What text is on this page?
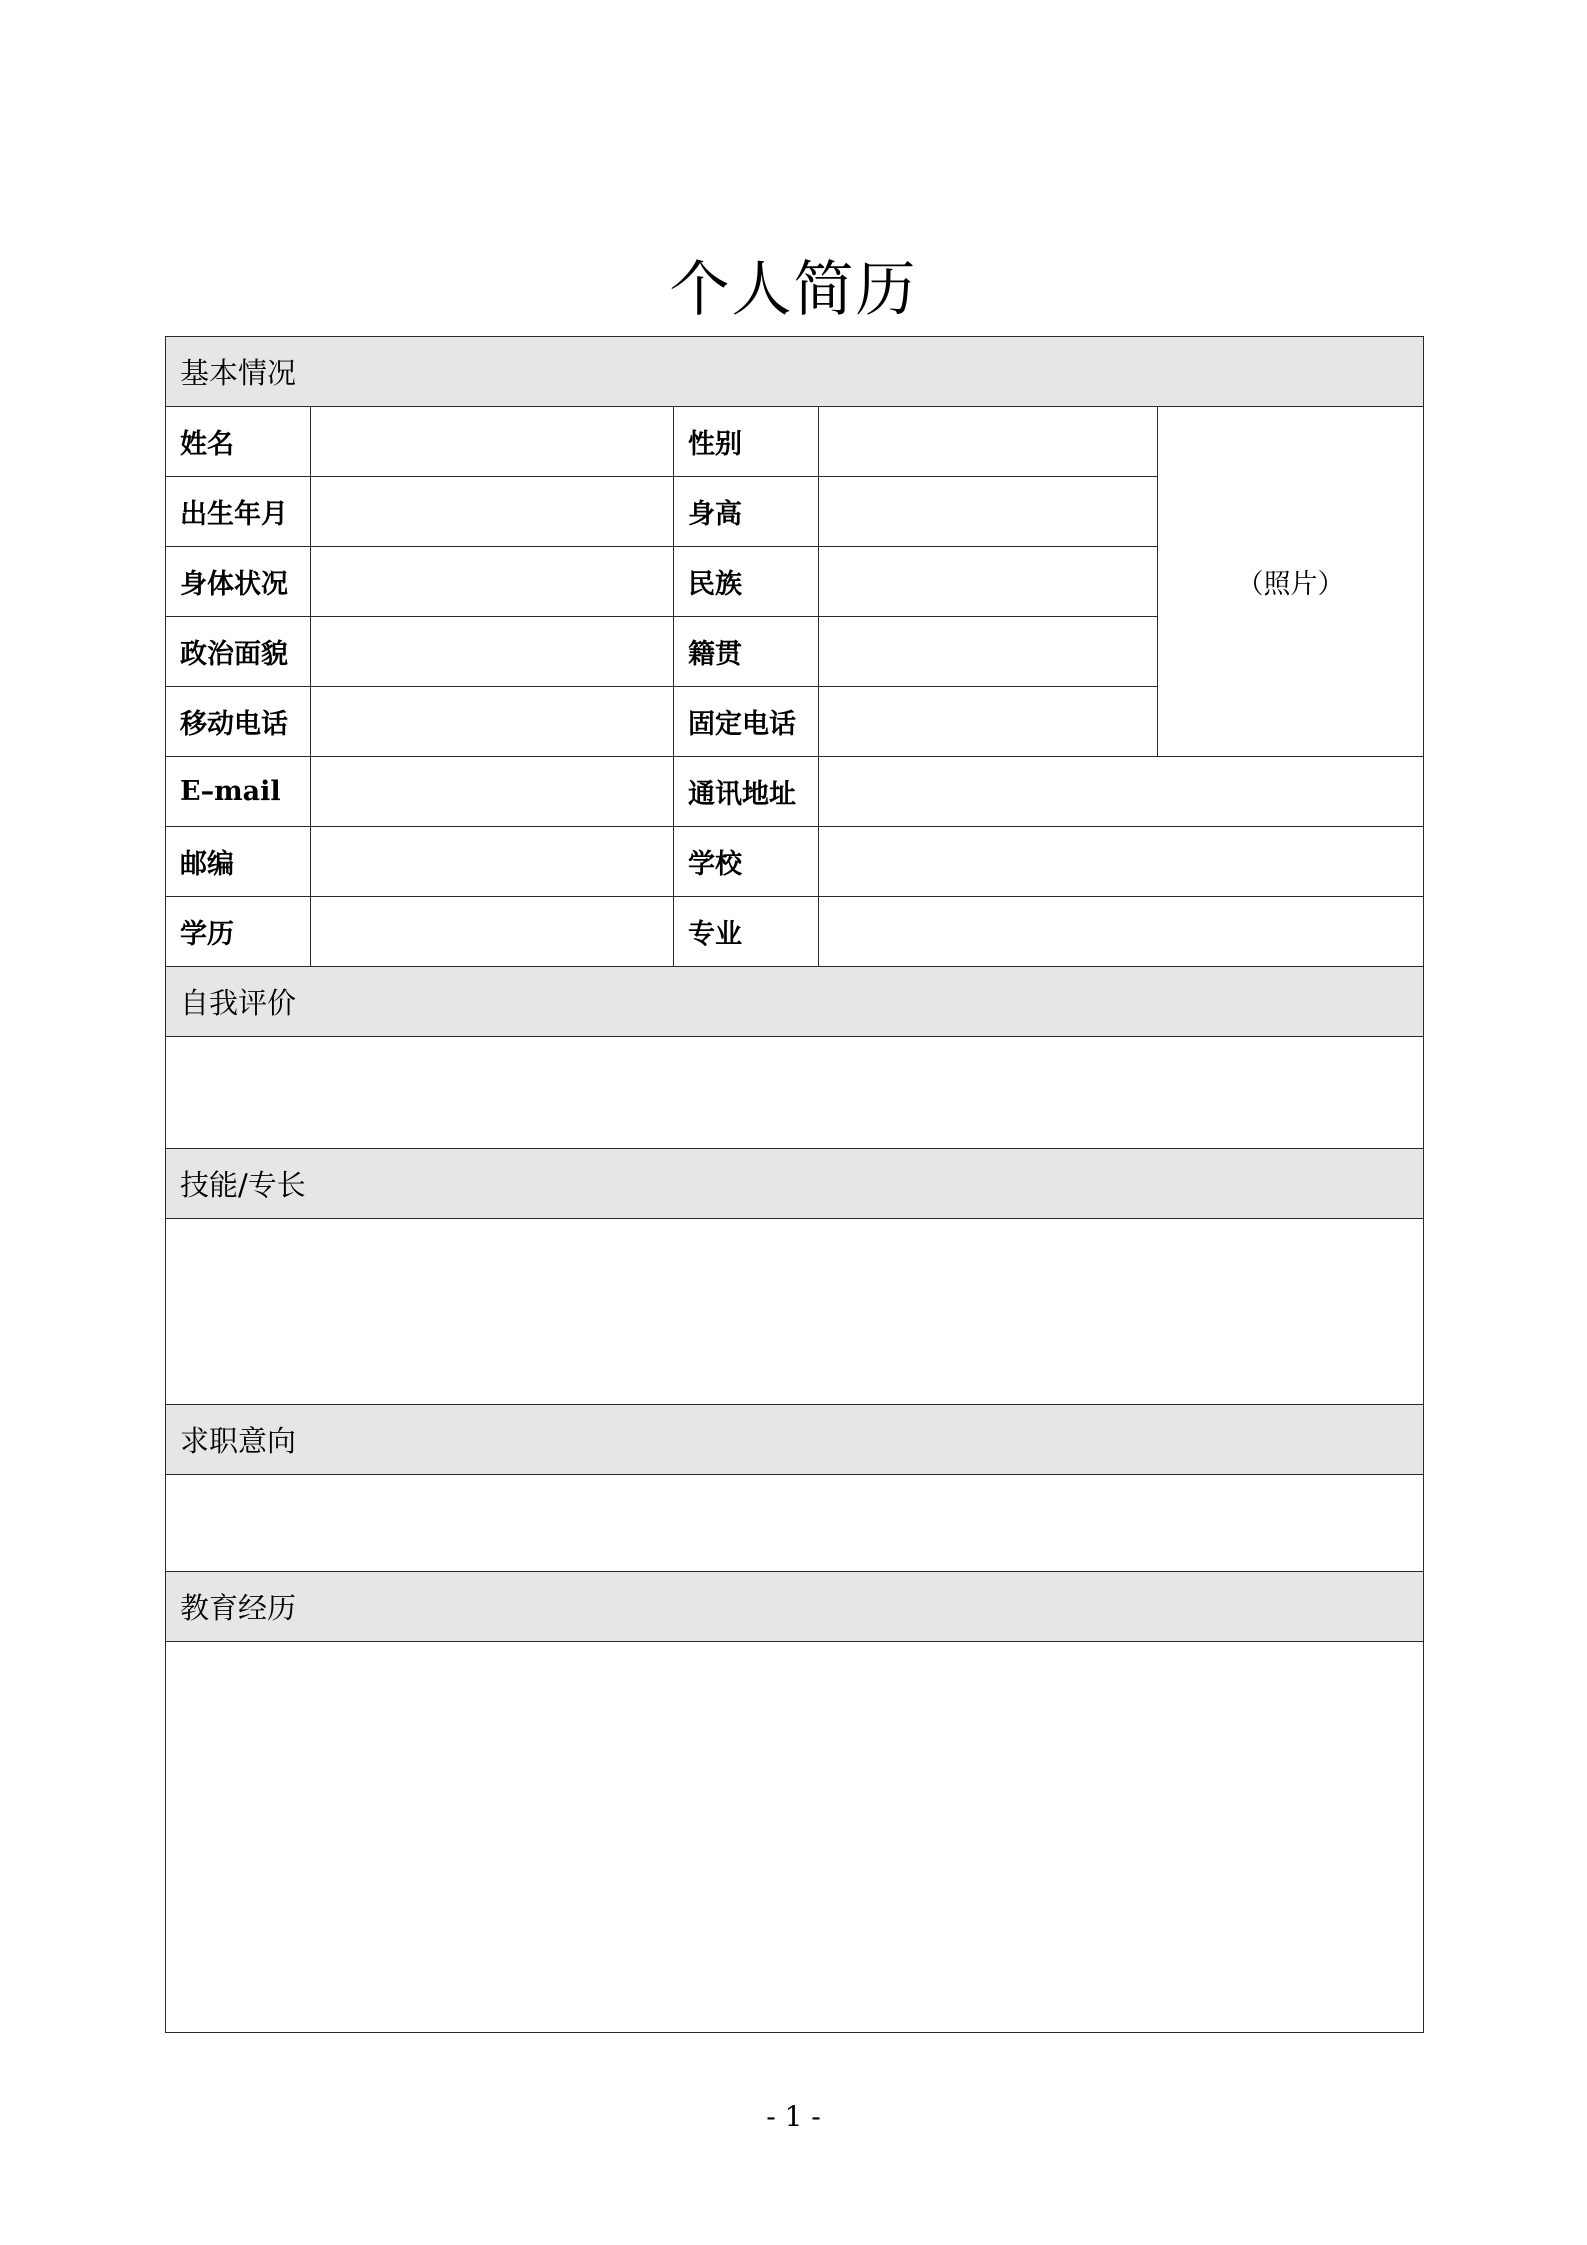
个人简历
基本情况				
姓名		性别		（照片）
出生年月		身高		
身体状况		民族		
政治面貌		籍贯		
移动电话		固定电话		
E–mail		通讯地址		
邮编		学校		
学历		专业		
自我评价				

技能/专长				

求职意向				

教育经历				

- 1 -
